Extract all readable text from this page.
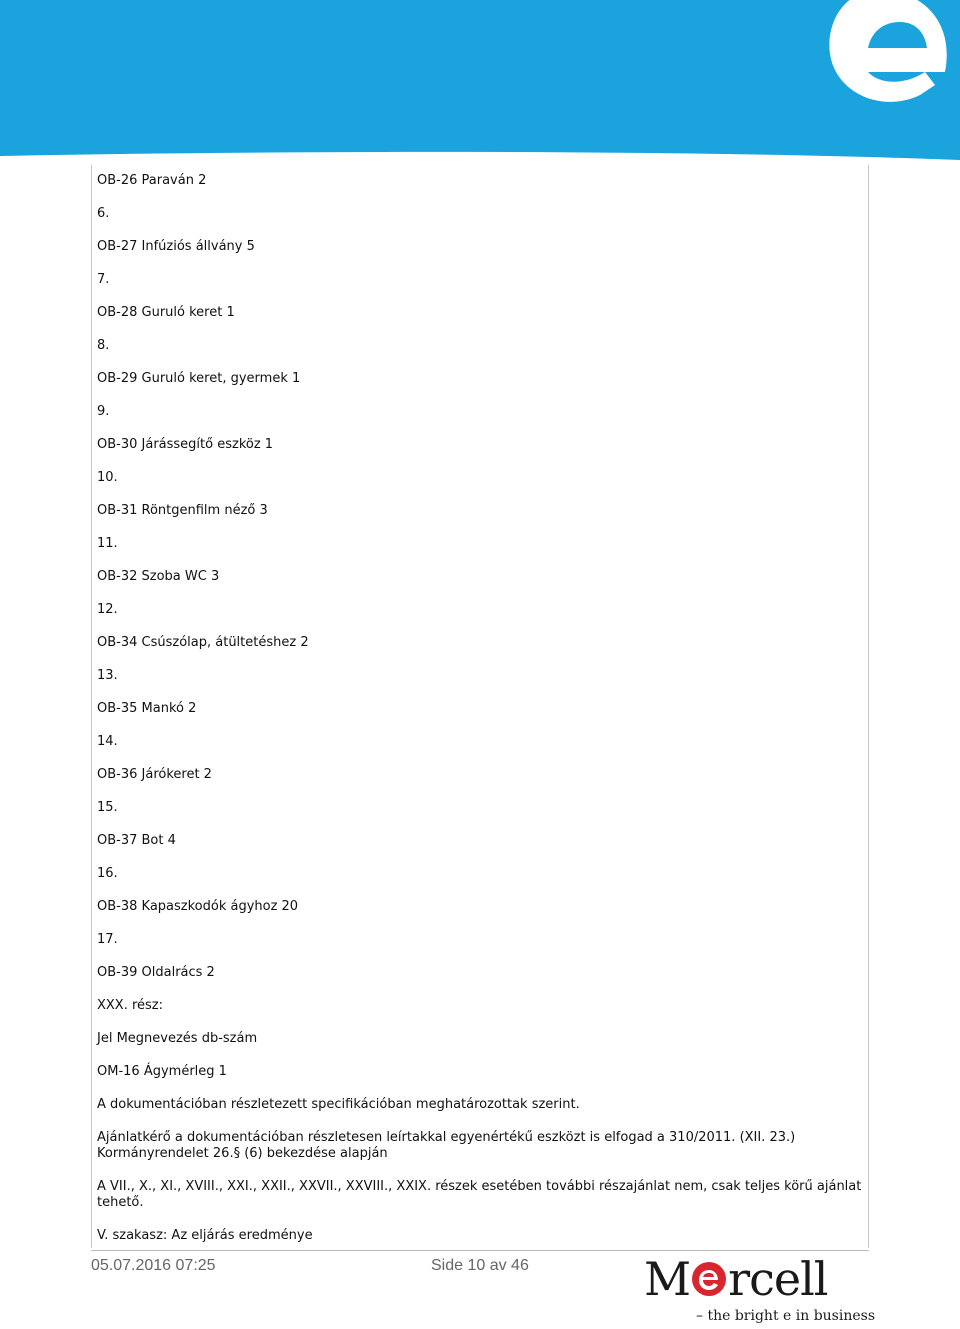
OB-26 Paraván 2
6.
OB-27 Infúziós állvány 5
7.
OB-28 Guruló keret 1
8.
OB-29 Guruló keret, gyermek 1
9.
OB-30 Járássegítő eszköz 1
10.
OB-31 Röntgenfilm néző 3
11.
OB-32 Szoba WC 3
12.
OB-34 Csúszólap, átültetéshez 2
13.
OB-35 Mankó 2
14.
OB-36 Járókeret 2
15.
OB-37 Bot 4
16.
OB-38 Kapaszkodók ágyhoz 20
17.
OB-39 Oldalrács 2
XXX. rész:
Jel Megnevezés db-szám
OM-16 Ágymérleg 1
A dokumentációban részletezett specifikációban meghatározottak szerint.
Ajánlatkérő a dokumentációban részletesen leírtakkal egyenértékű eszközt is elfogad a 310/2011. (XII. 23.) Kormányrendelet 26.§ (6) bekezdése alapján
A VII., X., XI., XVIII., XXI., XXII., XXVII., XXVIII., XXIX. részek esetében további részajánlat nem, csak teljes körű ajánlat tehető.
V. szakasz: Az eljárás eredménye
05.07.2016 07:25	Side 10 av 46	M rcell
– the bright e in business
